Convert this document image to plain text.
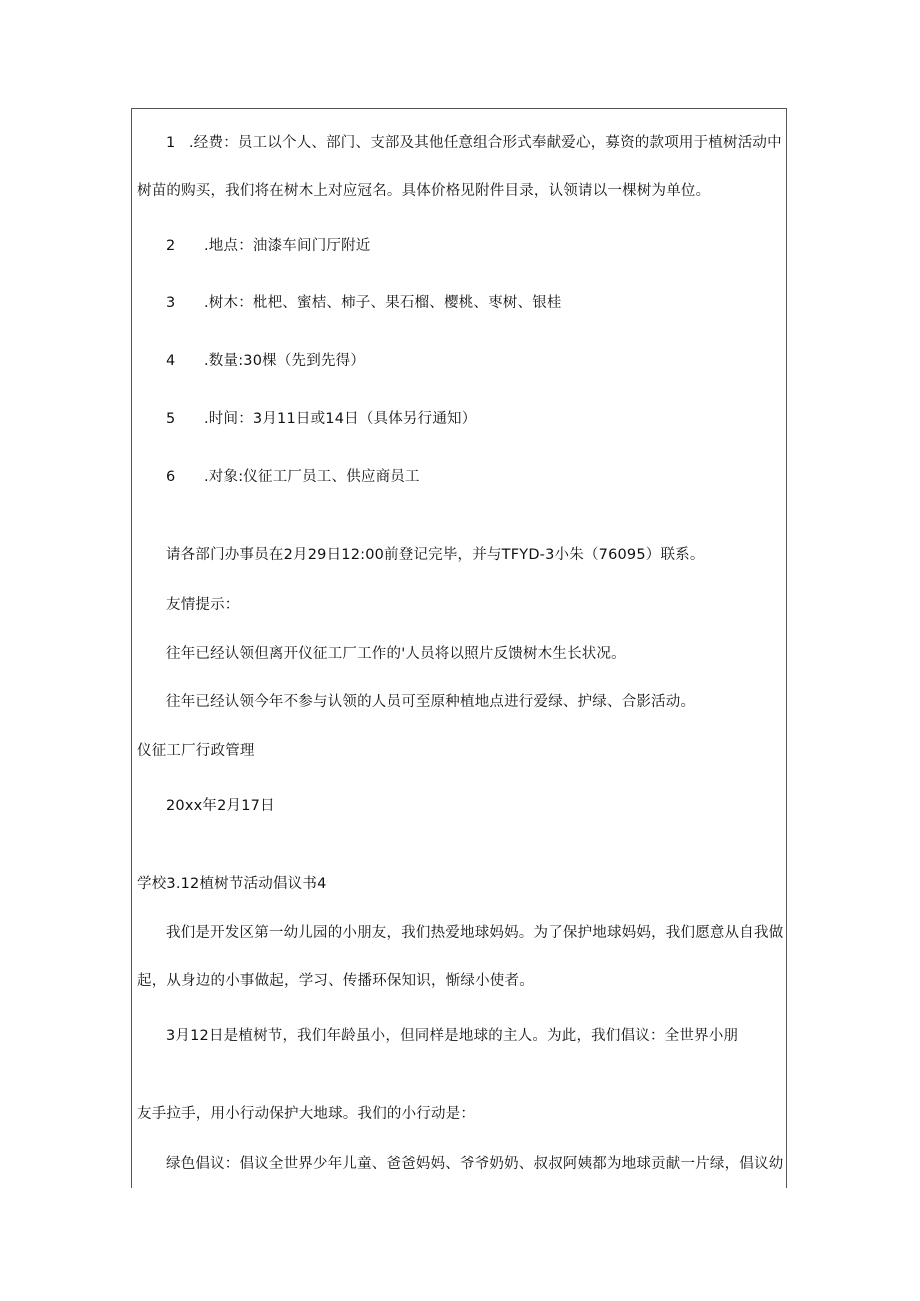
1 .经费：员工以个人、部门、支部及其他任意组合形式奉献爱心，募资的款项用于植树活动中
树苗的购买，我们将在树木上对应冠名。具体价格见附件目录，认领请以一棵树为单位。
2 .地点：油漆车间门厅附近
3 .树木：枇杷、蜜桔、柿子、果石榴、樱桃、枣树、银桂
4 .数量:30棵（先到先得）
5 .时间：3月11日或14日（具体另行通知）
6 .对象:仪征工厂员工、供应商员工
请各部门办事员在2月29日12:00前登记完毕，并与TFYD-3小朱（76095）联系。
友情提示：
往年已经认领但离开仪征工厂工作的'人员将以照片反馈树木生长状况。
往年已经认领今年不参与认领的人员可至原种植地点进行爱绿、护绿、合影活动。
仪征工厂行政管理
20xx年2月17日
学校3.12植树节活动倡议书4
我们是开发区第一幼儿园的小朋友，我们热爱地球妈妈。为了保护地球妈妈，我们愿意从自我做
起，从身边的小事做起，学习、传播环保知识，惭绿小使者。
3月12日是植树节，我们年龄虽小，但同样是地球的主人。为此，我们倡议：全世界小朋
友手拉手，用小行动保护大地球。我们的小行动是：
绿色倡议：倡议全世界少年儿童、爸爸妈妈、爷爷奶奶、叔叔阿姨都为地球贡献一片绿，倡议幼
